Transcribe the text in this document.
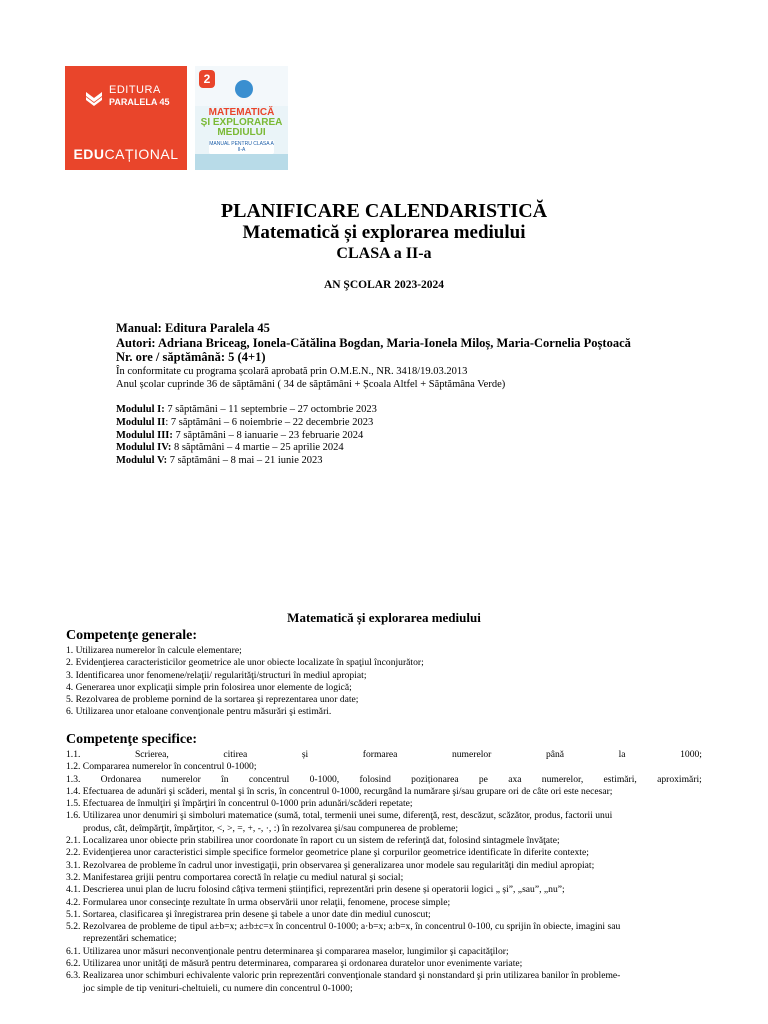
EDITURA
PARALELA 45
EDUCAȚIONAL
2
MATEMATICĂ
ȘI EXPLORAREA
MEDIULUI
MANUAL PENTRU CLASA A II-A
PLANIFICARE CALENDARISTICĂ
Matematică și explorarea mediului
CLASA a II-a
AN ŞCOLAR 2023-2024
Manual: Editura Paralela 45
Autori: Adriana Briceag, Ionela-Cătălina Bogdan, Maria-Ionela Miloș, Maria-Cornelia Poștoacă
Nr. ore / săptămână: 5 (4+1)
În conformitate cu programa școlară aprobată prin O.M.E.N., NR. 3418/19.03.2013
Anul școlar cuprinde 36 de săptămâni ( 34 de săptămâni + Școala Altfel + Săptămâna Verde)
Modulul I: 7 săptămâni – 11 septembrie – 27 octombrie 2023
Modulul II: 7 săptămâni – 6 noiembrie – 22 decembrie 2023
Modulul III: 7 săptămâni – 8 ianuarie – 23 februarie 2024
Modulul IV: 8 săptămâni – 4 martie – 25 aprilie 2024
Modulul V: 7 săptămâni – 8 mai – 21 iunie 2023
Matematică și explorarea mediului
Competenţe generale:
1. Utilizarea numerelor în calcule elementare;
2. Evidenţierea caracteristicilor geometrice ale unor obiecte localizate în spaţiul înconjurător;
3. Identificarea unor fenomene/relaţii/ regularităţi/structuri în mediul apropiat;
4. Generarea unor explicaţii simple prin folosirea unor elemente de logică;
5. Rezolvarea de probleme pornind de la sortarea şi reprezentarea unor date;
6. Utilizarea unor etaloane convenţionale pentru măsurări şi estimări.
Competenţe specifice:
1.1.	Scrierea,	citirea	și	formarea	numerelor	până	la	1000;
1.2. Compararea numerelor în concentrul 0-1000;
1.3. Ordonarea numerelor în concentrul 0-1000, folosind poziționarea pe axa numerelor, estimări, aproximări;
1.4. Efectuarea de adunări şi scăderi, mental şi în scris, în concentrul 0-1000, recurgând la numărare şi/sau grupare ori de câte ori este necesar;
1.5. Efectuarea de înmulţiri şi împărţiri în concentrul 0-1000 prin adunări/scăderi repetate;
1.6. Utilizarea unor denumiri şi simboluri matematice (sumă, total, termenii unei sume, diferenţă, rest, descăzut, scăzător, produs, factorii unui
produs, cât, deîmpărţit, împărţitor, <, >, =, +, -, ·, :) în rezolvarea şi/sau compunerea de probleme;
2.1. Localizarea unor obiecte prin stabilirea unor coordonate în raport cu un sistem de referinţă dat, folosind sintagmele învăţate;
2.2. Evidenţierea unor caracteristici simple specifice formelor geometrice plane şi corpurilor geometrice identificate în diferite contexte;
3.1. Rezolvarea de probleme în cadrul unor investigaţii, prin observarea şi generalizarea unor modele sau regularităţi din mediul apropiat;
3.2. Manifestarea grijii pentru comportarea corectă în relaţie cu mediul natural şi social;
4.1. Descrierea unui plan de lucru folosind câțiva termeni științifici, reprezentări prin desene și operatorii logici „ și”, „sau”, „nu”;
4.2. Formularea unor consecinţe rezultate în urma observării unor relaţii, fenomene, procese simple;
5.1. Sortarea, clasificarea şi înregistrarea prin desene şi tabele a unor date din mediul cunoscut;
5.2. Rezolvarea de probleme de tipul a±b=x; a±b±c=x în concentrul 0-1000; a·b=x; a:b=x, în concentrul 0-100, cu sprijin în obiecte, imagini sau
reprezentări schematice;
6.1. Utilizarea unor măsuri neconvenţionale pentru determinarea şi compararea maselor, lungimilor şi capacităţilor;
6.2. Utilizarea unor unităţi de măsură pentru determinarea, compararea şi ordonarea duratelor unor evenimente variate;
6.3. Realizarea unor schimburi echivalente valoric prin reprezentări convenţionale standard şi nonstandard şi prin utilizarea banilor în probleme-
joc simple de tip venituri-cheltuieli, cu numere din concentrul 0-1000;
